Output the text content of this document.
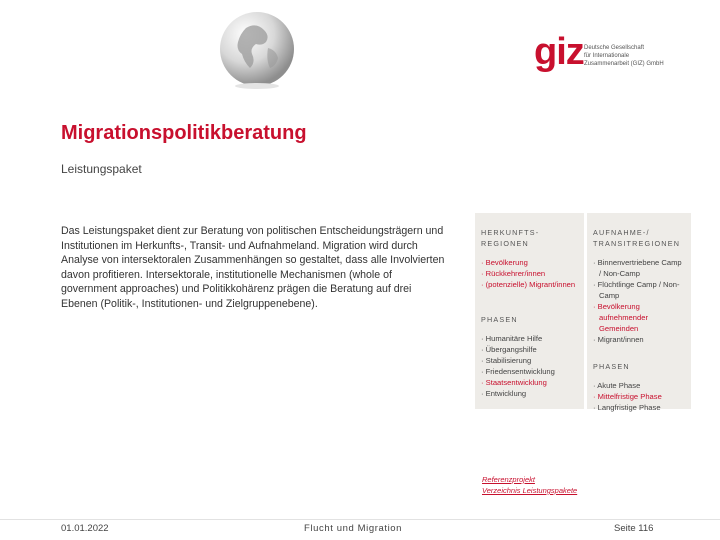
giz Deutsche Gesellschaft
für Internationale
Zusammenarbeit (GIZ) GmbH
Migrationspolitikberatung
Leistungspaket
Das Leistungspaket dient zur Beratung von politischen Entscheidungsträgern und Institutionen im Herkunfts-, Transit- und Aufnahmeland. Migration wird durch Analyse von intersektoralen Zusammenhängen so gestaltet, dass alle Involvierten davon profitieren. Intersektorale, institutionelle Mechanismen (whole of government approaches) und Politikkohärenz prägen die Beratung auf drei Ebenen (Politik-, Institutionen- und Zielgruppenebene).
HERKUNFTS-REGIONEN
· Bevölkerung
· Rückkehrer/innen
· (potenzielle) Migrant/innen
PHASEN
· Humanitäre Hilfe
· Übergangshilfe
· Stabilisierung
· Friedensentwicklung
· Staatsentwicklung
· Entwicklung
AUFNAHME-/ TRANSITREGIONEN
· Binnenvertriebene Camp / Non-Camp
· Flüchtlinge Camp / Non-Camp
· Bevölkerung aufnehmender Gemeinden
· Migrant/innen
PHASEN
· Akute Phase
· Mittelfristige Phase
· Langfristige Phase
Referenzprojekt
Verzeichnis Leistungspakete
01.01.2022	Flucht und Migration	Seite 116
